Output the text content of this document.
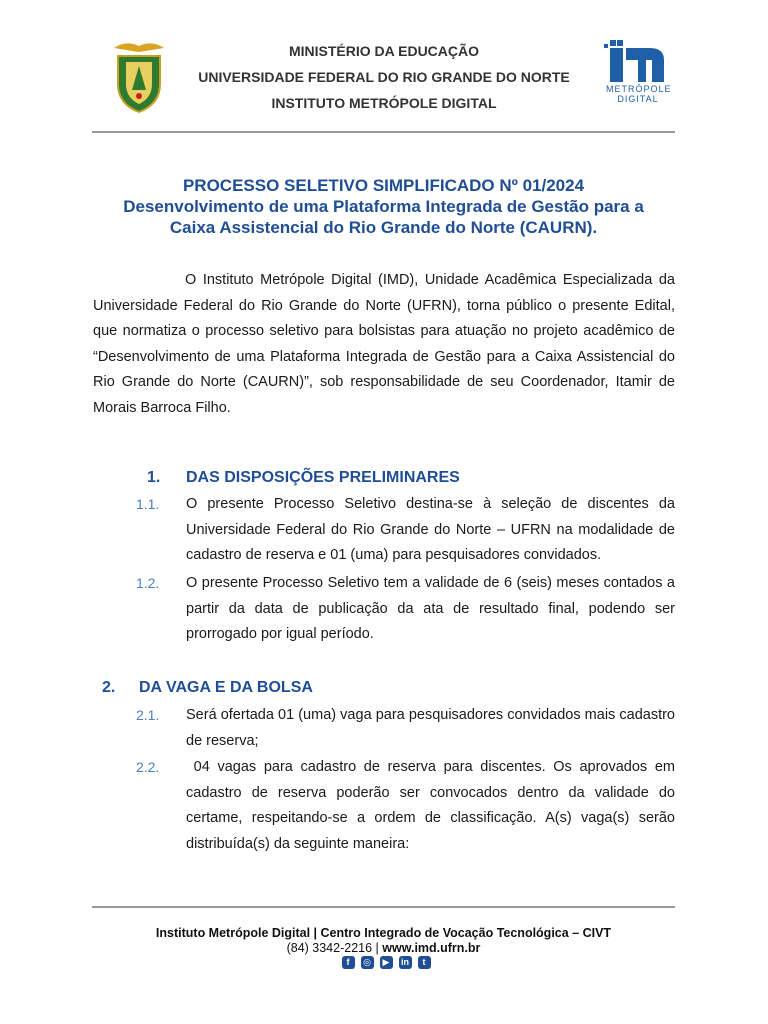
MINISTÉRIO DA EDUCAÇÃO
UNIVERSIDADE FEDERAL DO RIO GRANDE DO NORTE
INSTITUTO METRÓPOLE DIGITAL
METRÓPOLE DIGITAL
PROCESSO SELETIVO SIMPLIFICADO Nº 01/2024
Desenvolvimento de uma Plataforma Integrada de Gestão para a
Caixa Assistencial do Rio Grande do Norte (CAURN).
O Instituto Metrópole Digital (IMD), Unidade Acadêmica Especializada da Universidade Federal do Rio Grande do Norte (UFRN), torna público o presente Edital, que normatiza o processo seletivo para bolsistas para atuação no projeto acadêmico de “Desenvolvimento de uma Plataforma Integrada de Gestão para a Caixa Assistencial do Rio Grande do Norte (CAURN)”, sob responsabilidade de seu Coordenador, Itamir de Morais Barroca Filho.
1. DAS DISPOSIÇÕES PRELIMINARES
1.1. O presente Processo Seletivo destina-se à seleção de discentes da Universidade Federal do Rio Grande do Norte – UFRN na modalidade de cadastro de reserva e 01 (uma) para pesquisadores convidados.
1.2. O presente Processo Seletivo tem a validade de 6 (seis) meses contados a partir da data de publicação da ata de resultado final, podendo ser prorrogado por igual período.
2. DA VAGA E DA BOLSA
2.1. Será ofertada 01 (uma) vaga para pesquisadores convidados mais cadastro de reserva;
2.2. 04 vagas para cadastro de reserva para discentes. Os aprovados em cadastro de reserva poderão ser convocados dentro da validade do certame, respeitando-se a ordem de classificação. A(s) vaga(s) serão distribuída(s) da seguinte maneira:
Instituto Metrópole Digital | Centro Integrado de Vocação Tecnológica – CIVT
(84) 3342-2216 | www.imd.ufrn.br
f	◎	▶	in	t
